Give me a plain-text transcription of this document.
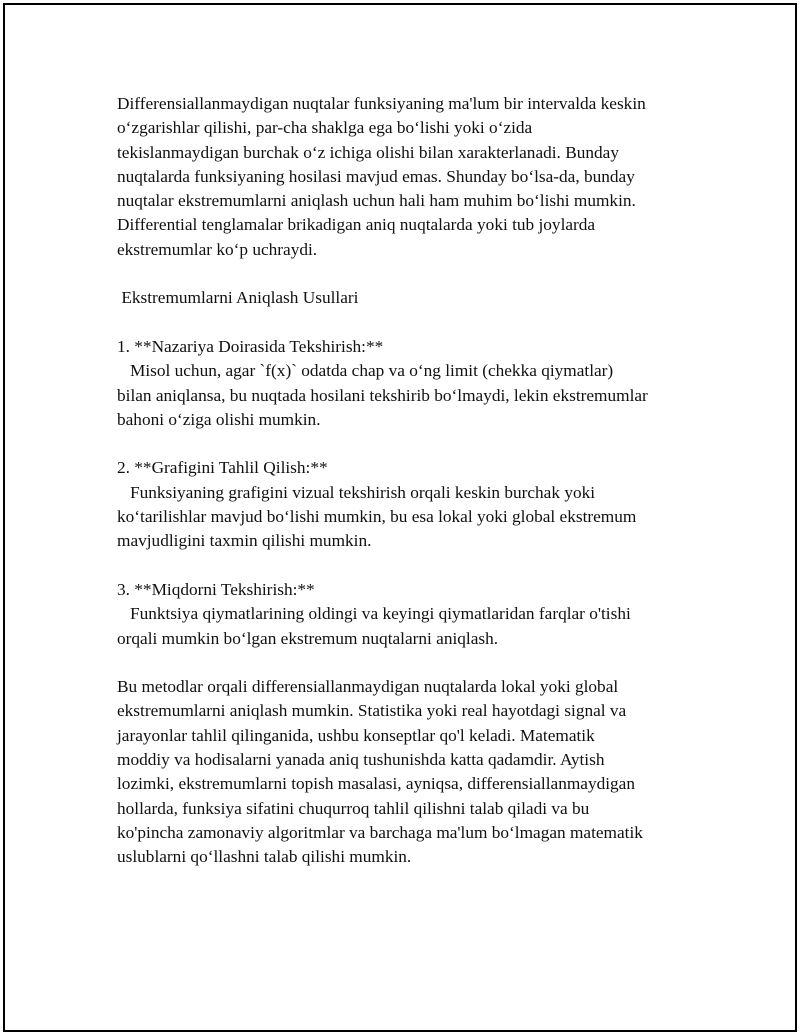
Differensiallanmaydigan nuqtalar funksiyaning ma'lum bir intervalda keskin
o‘zgarishlar qilishi, par-cha shaklga ega bo‘lishi yoki o‘zida
tekislanmaydigan burchak o‘z ichiga olishi bilan xarakterlanadi. Bunday
nuqtalarda funksiyaning hosilasi mavjud emas. Shunday bo‘lsa-da, bunday
nuqtalar ekstremumlarni aniqlash uchun hali ham muhim bo‘lishi mumkin.
Differential tenglamalar brikadigan aniq nuqtalarda yoki tub joylarda
ekstremumlar ko‘p uchraydi.
Ekstremumlarni Aniqlash Usullari
1. **Nazariya Doirasida Tekshirish:**
Misol uchun, agar `f(x)` odatda chap va o‘ng limit (chekka qiymatlar)
bilan aniqlansa, bu nuqtada hosilani tekshirib bo‘lmaydi, lekin ekstremumlar
bahoni o‘ziga olishi mumkin.
2. **Grafigini Tahlil Qilish:**
Funksiyaning grafigini vizual tekshirish orqali keskin burchak yoki
ko‘tarilishlar mavjud bo‘lishi mumkin, bu esa lokal yoki global ekstremum
mavjudligini taxmin qilishi mumkin.
3. **Miqdorni Tekshirish:**
Funktsiya qiymatlarining oldingi va keyingi qiymatlaridan farqlar o'tishi
orqali mumkin bo‘lgan ekstremum nuqtalarni aniqlash.
Bu metodlar orqali differensiallanmaydigan nuqtalarda lokal yoki global
ekstremumlarni aniqlash mumkin. Statistika yoki real hayotdagi signal va
jarayonlar tahlil qilinganida, ushbu konseptlar qo'l keladi. Matematik
moddiy va hodisalarni yanada aniq tushunishda katta qadamdir. Aytish
lozimki, ekstremumlarni topish masalasi, ayniqsa, differensiallanmaydigan
hollarda, funksiya sifatini chuqurroq tahlil qilishni talab qiladi va bu
ko'pincha zamonaviy algoritmlar va barchaga ma'lum bo‘lmagan matematik
uslublarni qo‘llashni talab qilishi mumkin.
